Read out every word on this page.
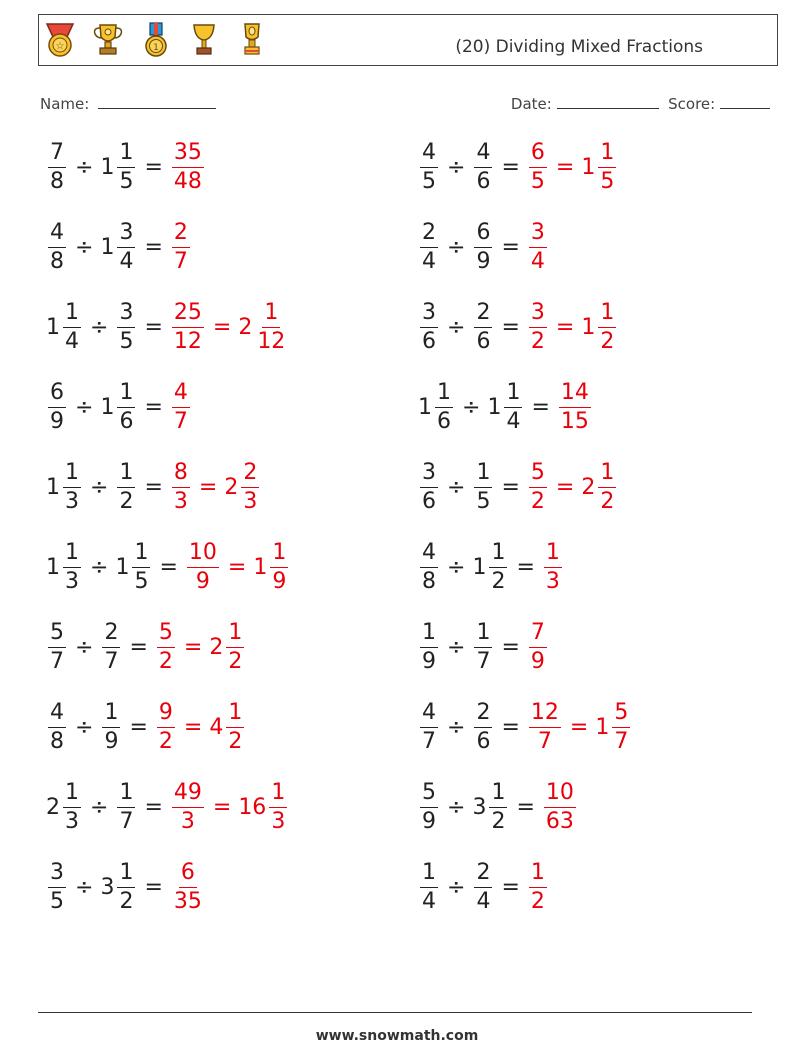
☆	1	(20) Dividing Mixed Fractions
Name:	Date:	Score:
$\frac{7}{8} \div 1 \frac{1}{5} = \frac{35}{48}$	$\frac{4}{5} \div \frac{4}{6} = \frac{6}{5} = 1 \frac{1}{5}$
$\frac{4}{8} \div 1 \frac{3}{4} = \frac{2}{7}$	$\frac{2}{4} \div \frac{6}{9} = \frac{3}{4}$
$1 \frac{1}{4} \div \frac{3}{5} = \frac{25}{12} = 2 \frac{1}{12}$	$\frac{3}{6} \div \frac{2}{6} = \frac{3}{2} = 1 \frac{1}{2}$
$\frac{6}{9} \div 1 \frac{1}{6} = \frac{4}{7}$	$1 \frac{1}{6} \div 1 \frac{1}{4} = \frac{14}{15}$
$1 \frac{1}{3} \div \frac{1}{2} = \frac{8}{3} = 2 \frac{2}{3}$	$\frac{3}{6} \div \frac{1}{5} = \frac{5}{2} = 2 \frac{1}{2}$
$1 \frac{1}{3} \div 1 \frac{1}{5} = \frac{10}{9} = 1 \frac{1}{9}$	$\frac{4}{8} \div 1 \frac{1}{2} = \frac{1}{3}$
$\frac{5}{7} \div \frac{2}{7} = \frac{5}{2} = 2 \frac{1}{2}$	$\frac{1}{9} \div \frac{1}{7} = \frac{7}{9}$
$\frac{4}{8} \div \frac{1}{9} = \frac{9}{2} = 4 \frac{1}{2}$	$\frac{4}{7} \div \frac{2}{6} = \frac{12}{7} = 1 \frac{5}{7}$
$2 \frac{1}{3} \div \frac{1}{7} = \frac{49}{3} = 16 \frac{1}{3}$	$\frac{5}{9} \div 3 \frac{1}{2} = \frac{10}{63}$
$\frac{3}{5} \div 3 \frac{1}{2} = \frac{6}{35}$	$\frac{1}{4} \div \frac{2}{4} = \frac{1}{2}$
www.snowmath.com
